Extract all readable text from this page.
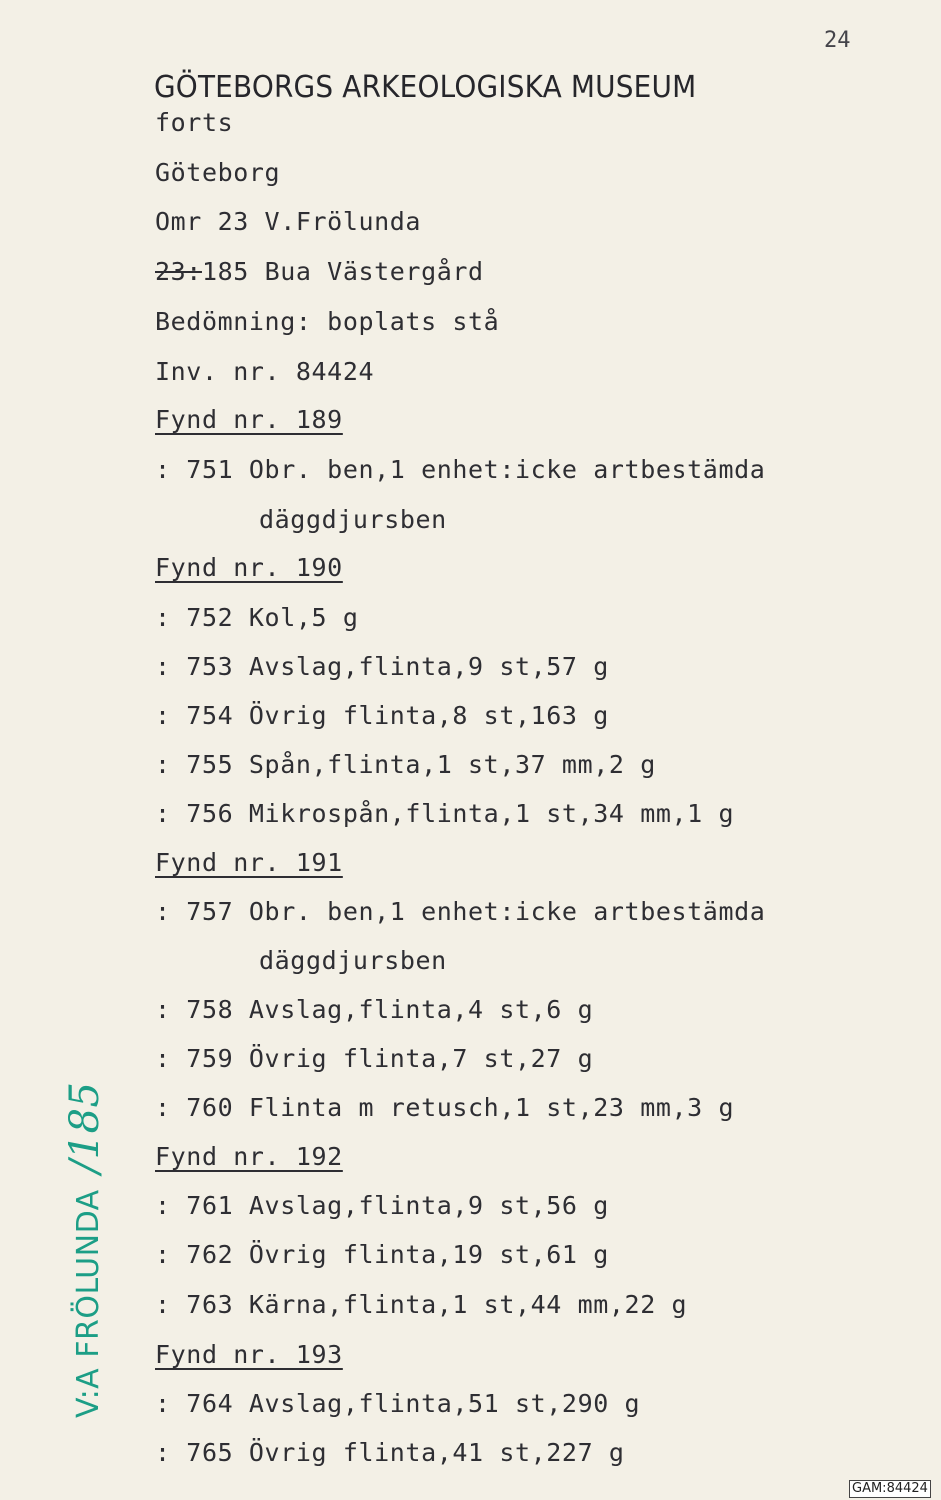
24
GÖTEBORGS ARKEOLOGISKA MUSEUM
forts
Göteborg
Omr 23 V.Frölunda
23:185 Bua Västergård
Bedömning: boplats stå
Inv. nr. 84424
Fynd nr. 189
: 751 Obr. ben,1 enhet:icke artbestämda
däggdjursben
Fynd nr. 190
: 752 Kol,5 g
: 753 Avslag,flinta,9 st,57 g
: 754 Övrig flinta,8 st,163 g
: 755 Spån,flinta,1 st,37 mm,2 g
: 756 Mikrospån,flinta,1 st,34 mm,1 g
Fynd nr. 191
: 757 Obr. ben,1 enhet:icke artbestämda
däggdjursben
: 758 Avslag,flinta,4 st,6 g
: 759 Övrig flinta,7 st,27 g
: 760 Flinta m retusch,1 st,23 mm,3 g
Fynd nr. 192
: 761 Avslag,flinta,9 st,56 g
: 762 Övrig flinta,19 st,61 g
: 763 Kärna,flinta,1 st,44 mm,22 g
Fynd nr. 193
: 764 Avslag,flinta,51 st,290 g
: 765 Övrig flinta,41 st,227 g
V:A FRÖLUNDA/185
GAM:84424
